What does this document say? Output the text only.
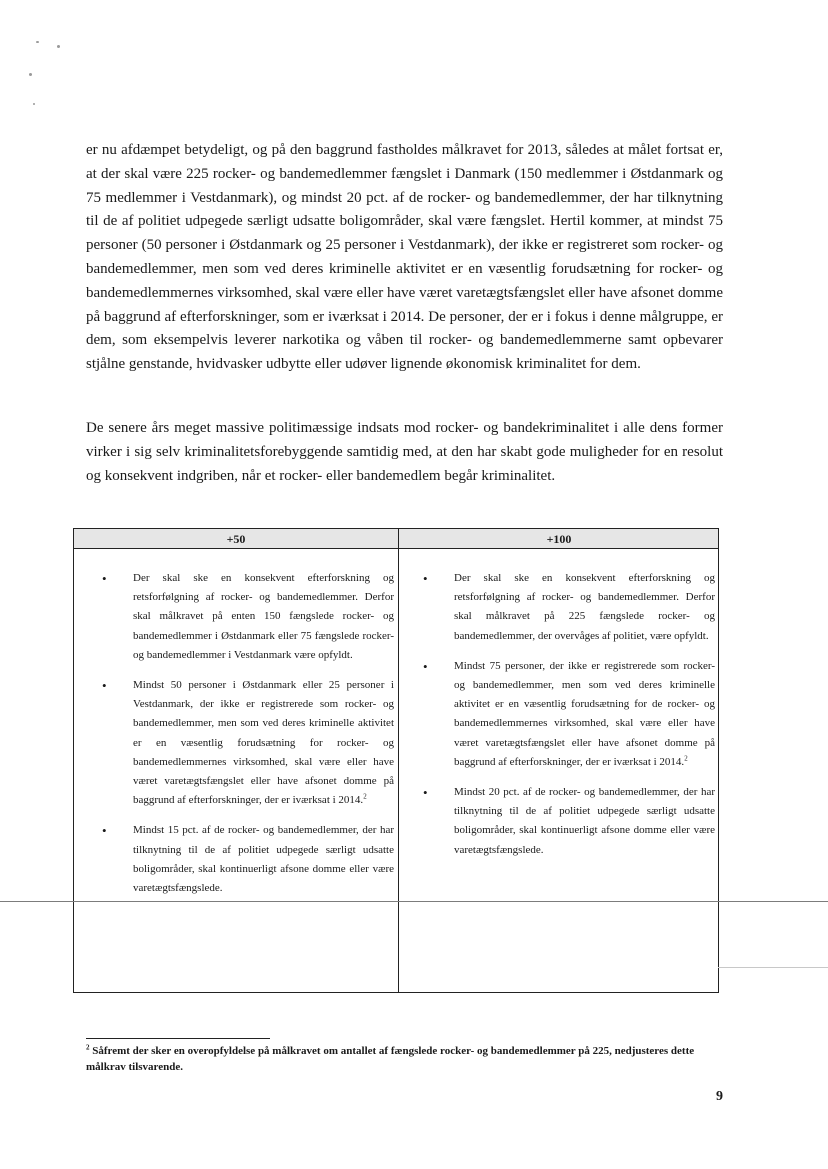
er nu afdæmpet betydeligt, og på den baggrund fastholdes målkravet for 2013, således at målet fortsat er, at der skal være 225 rocker- og bandemedlemmer fængslet i Danmark (150 medlemmer i Østdanmark og 75 medlemmer i Vestdanmark), og mindst 20 pct. af de rocker- og bandemedlemmer, der har tilknytning til de af politiet udpegede særligt udsatte boligområder, skal være fængslet. Hertil kommer, at mindst 75 personer (50 personer i Østdanmark og 25 personer i Vestdanmark), der ikke er registreret som rocker- og bandemedlemmer, men som ved deres kriminelle aktivitet er en væsentlig forudsætning for rocker- og bandemedlemmernes virksomhed, skal være eller have været varetægtsfængslet eller have afsonet domme på baggrund af efterforskninger, som er iværksat i 2014. De personer, der er i fokus i denne målgruppe, er dem, som eksempelvis leverer narkotika og våben til rocker- og bandemedlemmerne samt opbevarer stjålne genstande, hvidvasker udbytte eller udøver lignende økonomisk kriminalitet for dem.

De senere års meget massive politimæssige indsats mod rocker- og bandekriminalitet i alle dens former virker i sig selv kriminalitetsforebyggende samtidig med, at den har skabt gode muligheder for en resolut og konsekvent indgriben, når et rocker- eller bandemedlem begår kriminalitet.

+50	+100
• Der skal ske en konsekvent efterforskning og retsforfølgning af rocker- og bandemedlemmer. Derfor skal målkravet på enten 150 fængslede rocker- og bandemedlemmer i Østdanmark eller 75 fængslede rocker- og bandemedlemmer i Vestdanmark være opfyldt.
• Mindst 50 personer i Østdanmark eller 25 personer i Vestdanmark, der ikke er registrerede som rocker- og bandemedlemmer, men som ved deres kriminelle aktivitet er en væsentlig forudsætning for rocker- og bandemedlemmernes virksomhed, skal være eller have været varetægtsfængslet eller have afsonet domme på baggrund af efterforskninger, der er iværksat i 2014.$^2$
• Mindst 15 pct. af de rocker- og bandemedlemmer, der har tilknytning til de af politiet udpegede særligt udsatte boligområder, skal kontinuerligt afsone domme eller være varetægtsfængslede.
• Der skal ske en konsekvent efterforskning og retsforfølgning af rocker- og bandemedlemmer. Derfor skal målkravet på 225 fængslede rocker- og bandemedlemmer, der overvåges af politiet, være opfyldt.
• Mindst 75 personer, der ikke er registrerede som rocker- og bandemedlemmer, men som ved deres kriminelle aktivitet er en væsentlig forudsætning for de rocker- og bandemedlemmernes virksomhed, skal være eller have været varetægtsfængslet eller have afsonet domme på baggrund af efterforskninger, der er iværksat i 2014.$^2$
• Mindst 20 pct. af de rocker- og bandemedlemmer, der har tilknytning til de af politiet udpegede særligt udsatte boligområder, skal kontinuerligt afsone domme eller være varetægtsfængslede.

$^2$ Såfremt der sker en overopfyldelse på målkravet om antallet af fængslede rocker- og bandemedlemmer på 225, nedjusteres dette målkrav tilsvarende.

9
